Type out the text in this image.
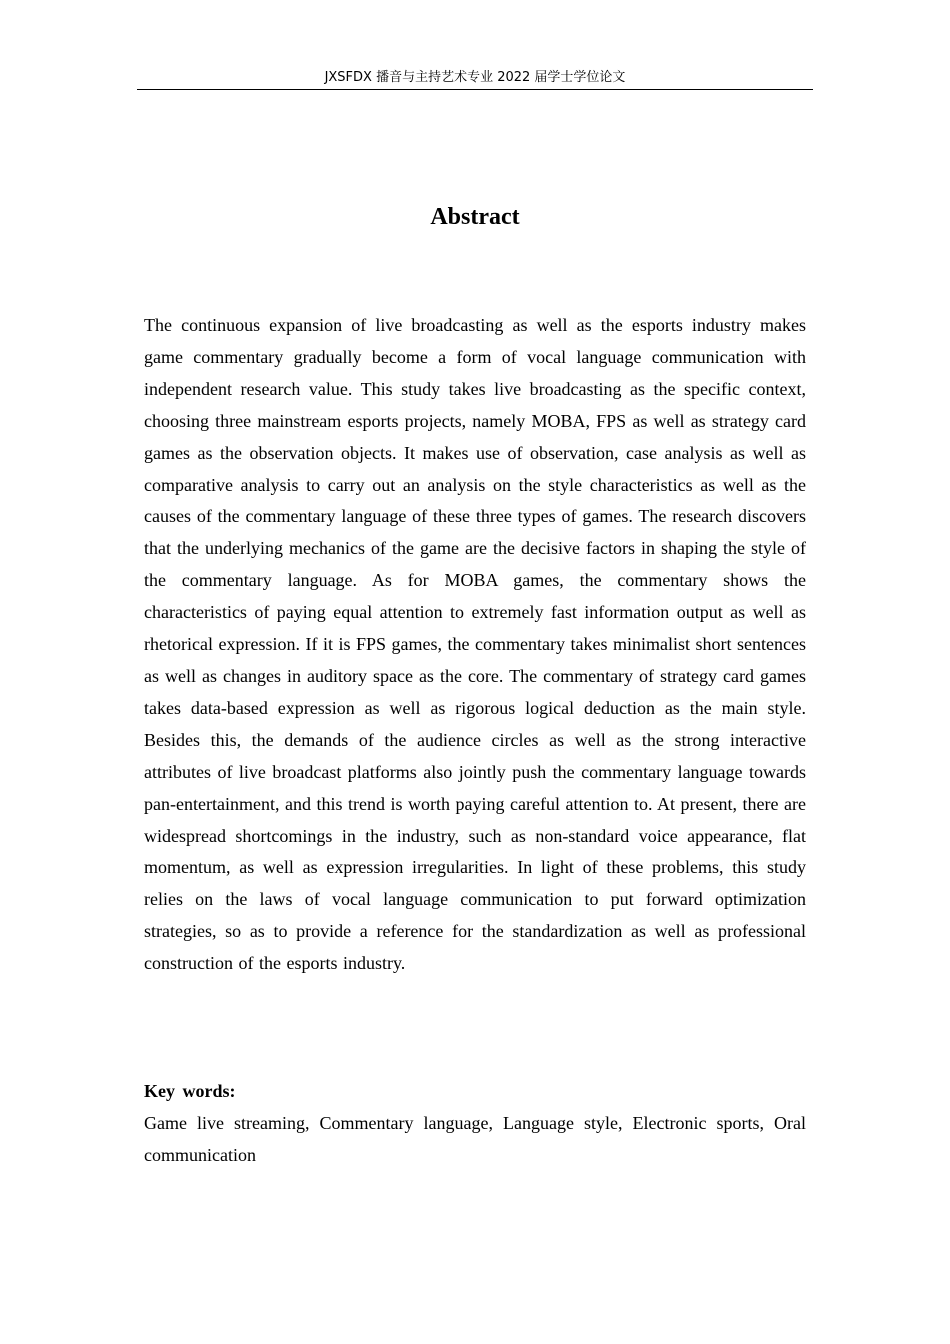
JXSFDX 播音与主持艺术专业 2022 届学士学位论文
Abstract

The continuous expansion of live broadcasting as well as the esports industry makes game commentary gradually become a form of vocal language communication with independent research value. This study takes live broadcasting as the specific context, choosing three mainstream esports projects, namely MOBA, FPS as well as strategy card games as the observation objects. It makes use of observation, case analysis as well as comparative analysis to carry out an analysis on the style characteristics as well as the causes of the commentary language of these three types of games. The research discovers that the underlying mechanics of the game are the decisive factors in shaping the style of the commentary language. As for MOBA games, the commentary shows the characteristics of paying equal attention to extremely fast information output as well as rhetorical expression. If it is FPS games, the commentary takes minimalist short sentences as well as changes in auditory space as the core. The commentary of strategy card games takes data-based expression as well as rigorous logical deduction as the main style. Besides this, the demands of the audience circles as well as the strong interactive attributes of live broadcast platforms also jointly push the commentary language towards pan-entertainment, and this trend is worth paying careful attention to. At present, there are widespread shortcomings in the industry, such as non-standard voice appearance, flat momentum, as well as expression irregularities. In light of these problems, this study relies on the laws of vocal language communication to put forward optimization strategies, so as to provide a reference for the standardization as well as professional construction of the esports industry.

Key words:

Game live streaming, Commentary language, Language style, Electronic sports, Oral communication
